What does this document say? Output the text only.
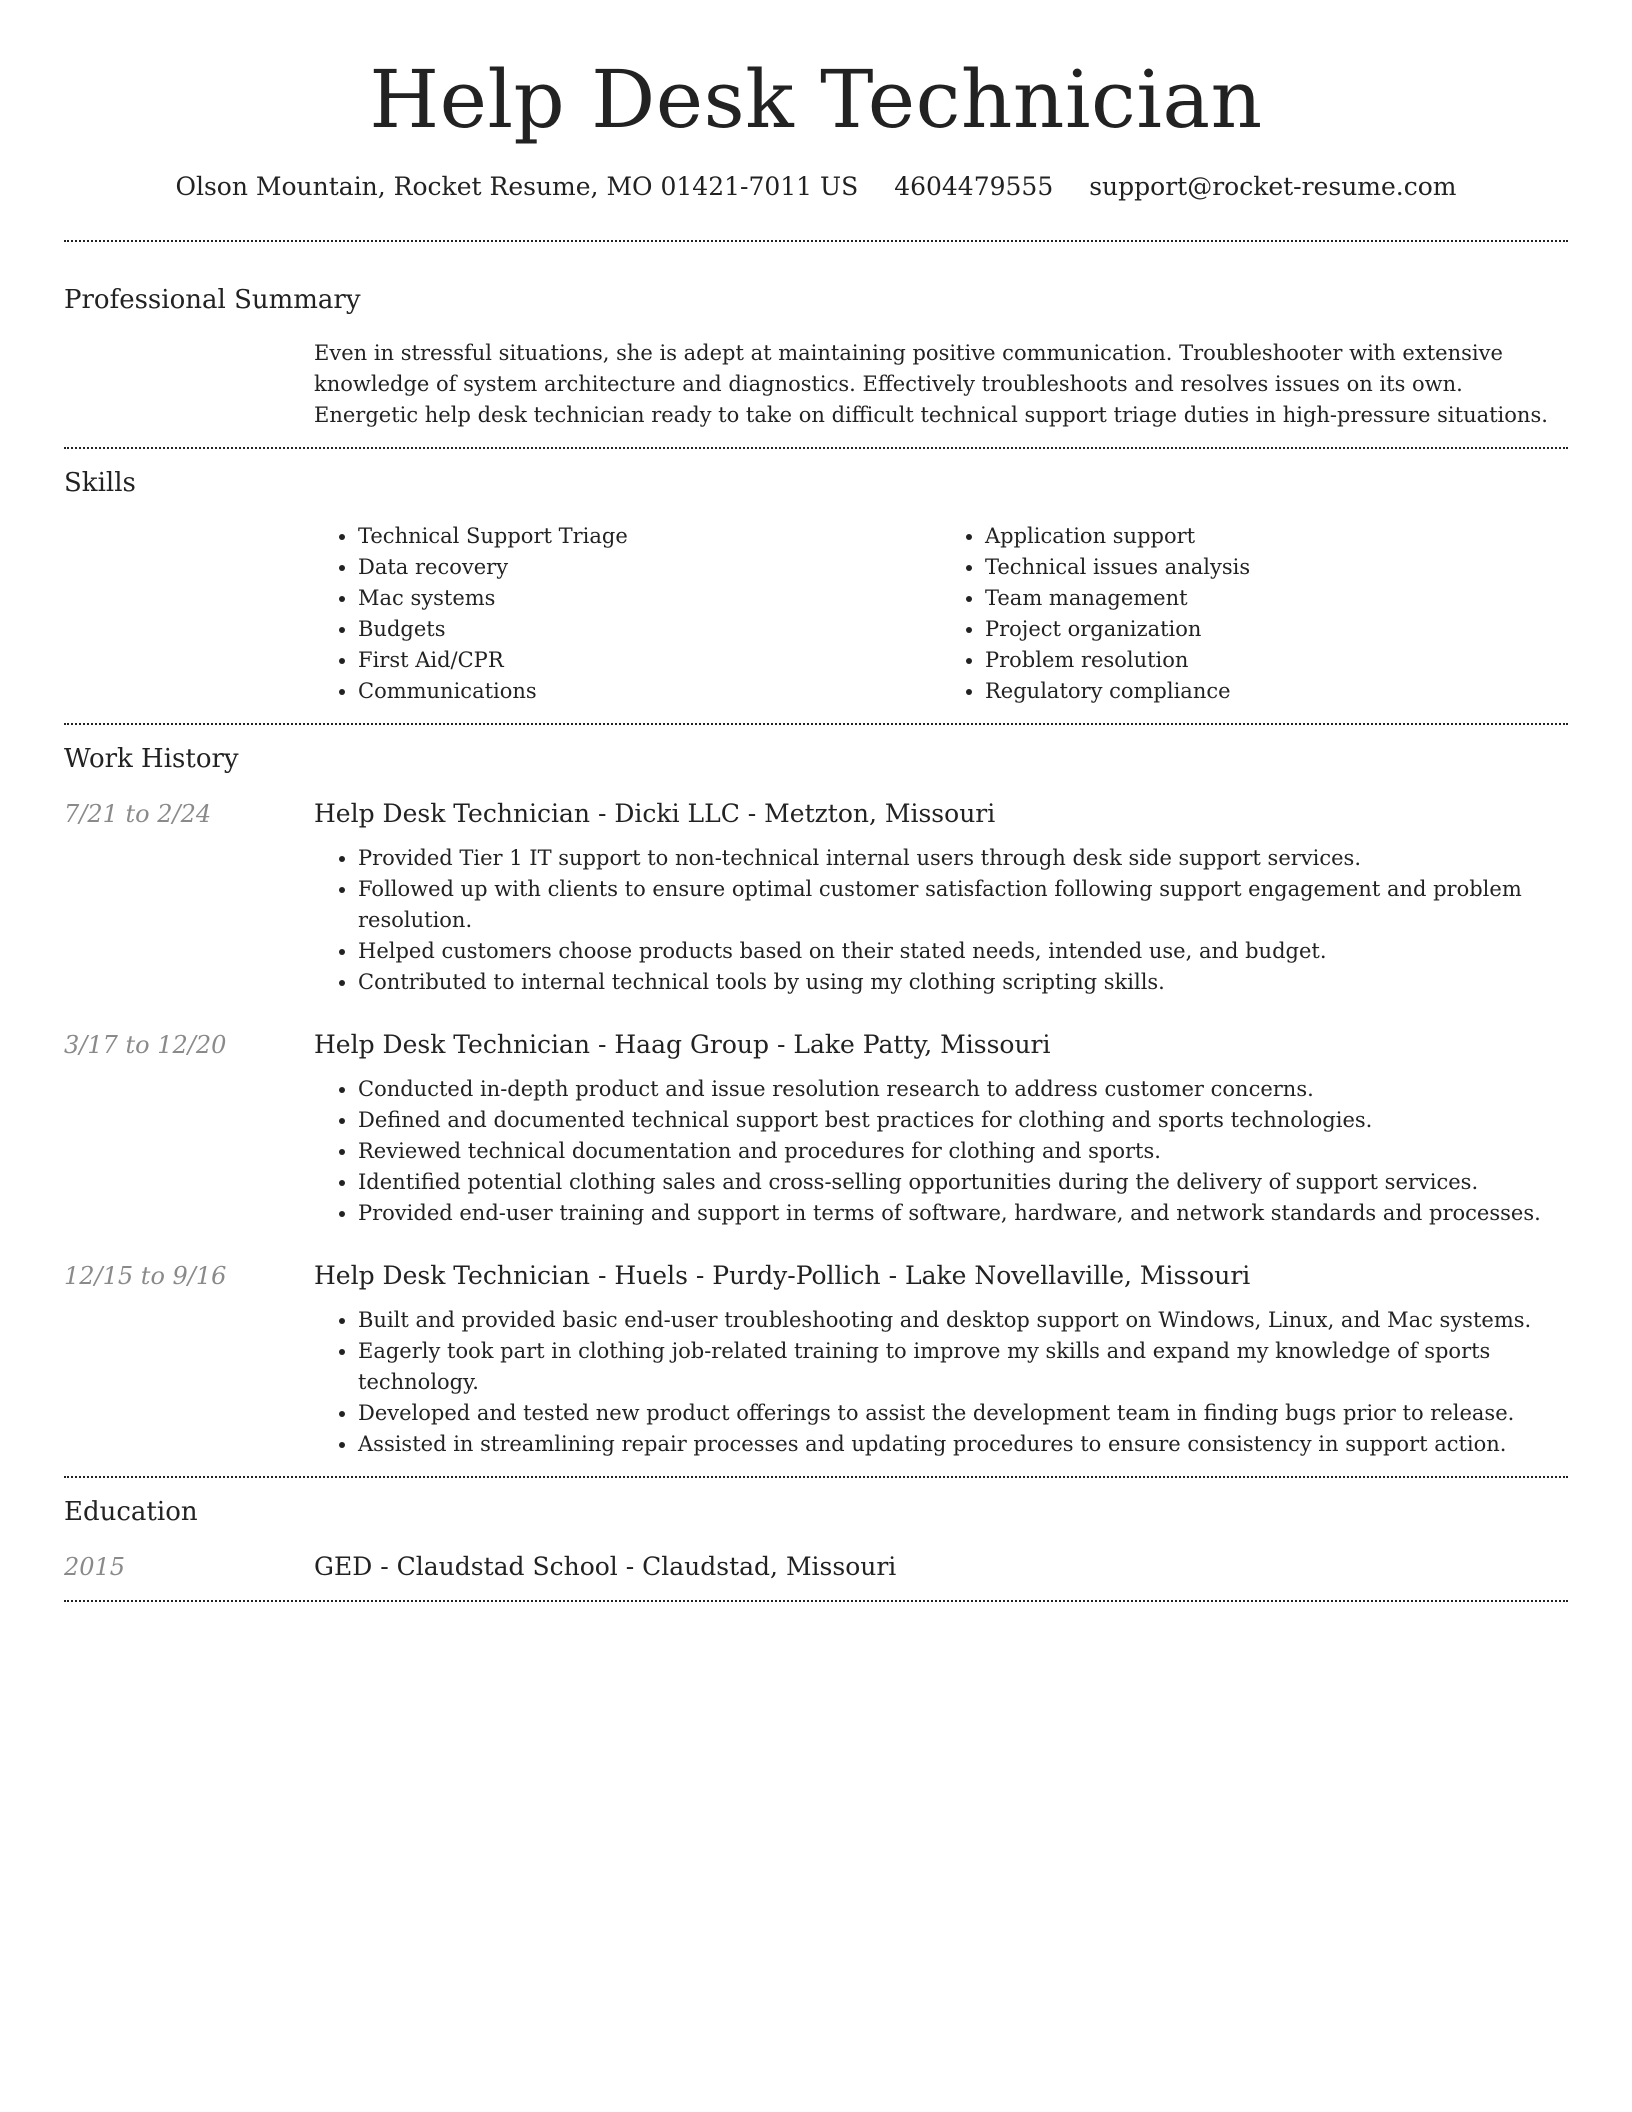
Help Desk Technician
Olson Mountain, Rocket Resume, MO 01421-7011 US 4604479555 support@rocket-resume.com
Professional Summary

Even in stressful situations, she is adept at maintaining positive communication. Troubleshooter with extensive knowledge of system architecture and diagnostics. Effectively troubleshoots and resolves issues on its own. Energetic help desk technician ready to take on difficult technical support triage duties in high-pressure situations.

Skills
• Technical Support Triage
• Data recovery
• Mac systems
• Budgets
• First Aid/CPR
• Communications
• Application support
• Technical issues analysis
• Team management
• Project organization
• Problem resolution
• Regulatory compliance
Work History
7/21 to 2/24	Help Desk Technician - Dicki LLC - Metzton, Missouri
• Provided Tier 1 IT support to non-technical internal users through desk side support services.
• Followed up with clients to ensure optimal customer satisfaction following support engagement and problem resolution.
• Helped customers choose products based on their stated needs, intended use, and budget.
• Contributed to internal technical tools by using my clothing scripting skills.
3/17 to 12/20	Help Desk Technician - Haag Group - Lake Patty, Missouri
• Conducted in-depth product and issue resolution research to address customer concerns.
• Defined and documented technical support best practices for clothing and sports technologies.
• Reviewed technical documentation and procedures for clothing and sports.
• Identified potential clothing sales and cross-selling opportunities during the delivery of support services.
• Provided end-user training and support in terms of software, hardware, and network standards and processes.
12/15 to 9/16	Help Desk Technician - Huels - Purdy-Pollich - Lake Novellaville, Missouri
• Built and provided basic end-user troubleshooting and desktop support on Windows, Linux, and Mac systems.
• Eagerly took part in clothing job-related training to improve my skills and expand my knowledge of sports technology.
• Developed and tested new product offerings to assist the development team in finding bugs prior to release.
• Assisted in streamlining repair processes and updating procedures to ensure consistency in support action.
Education
2015	GED - Claudstad School - Claudstad, Missouri
